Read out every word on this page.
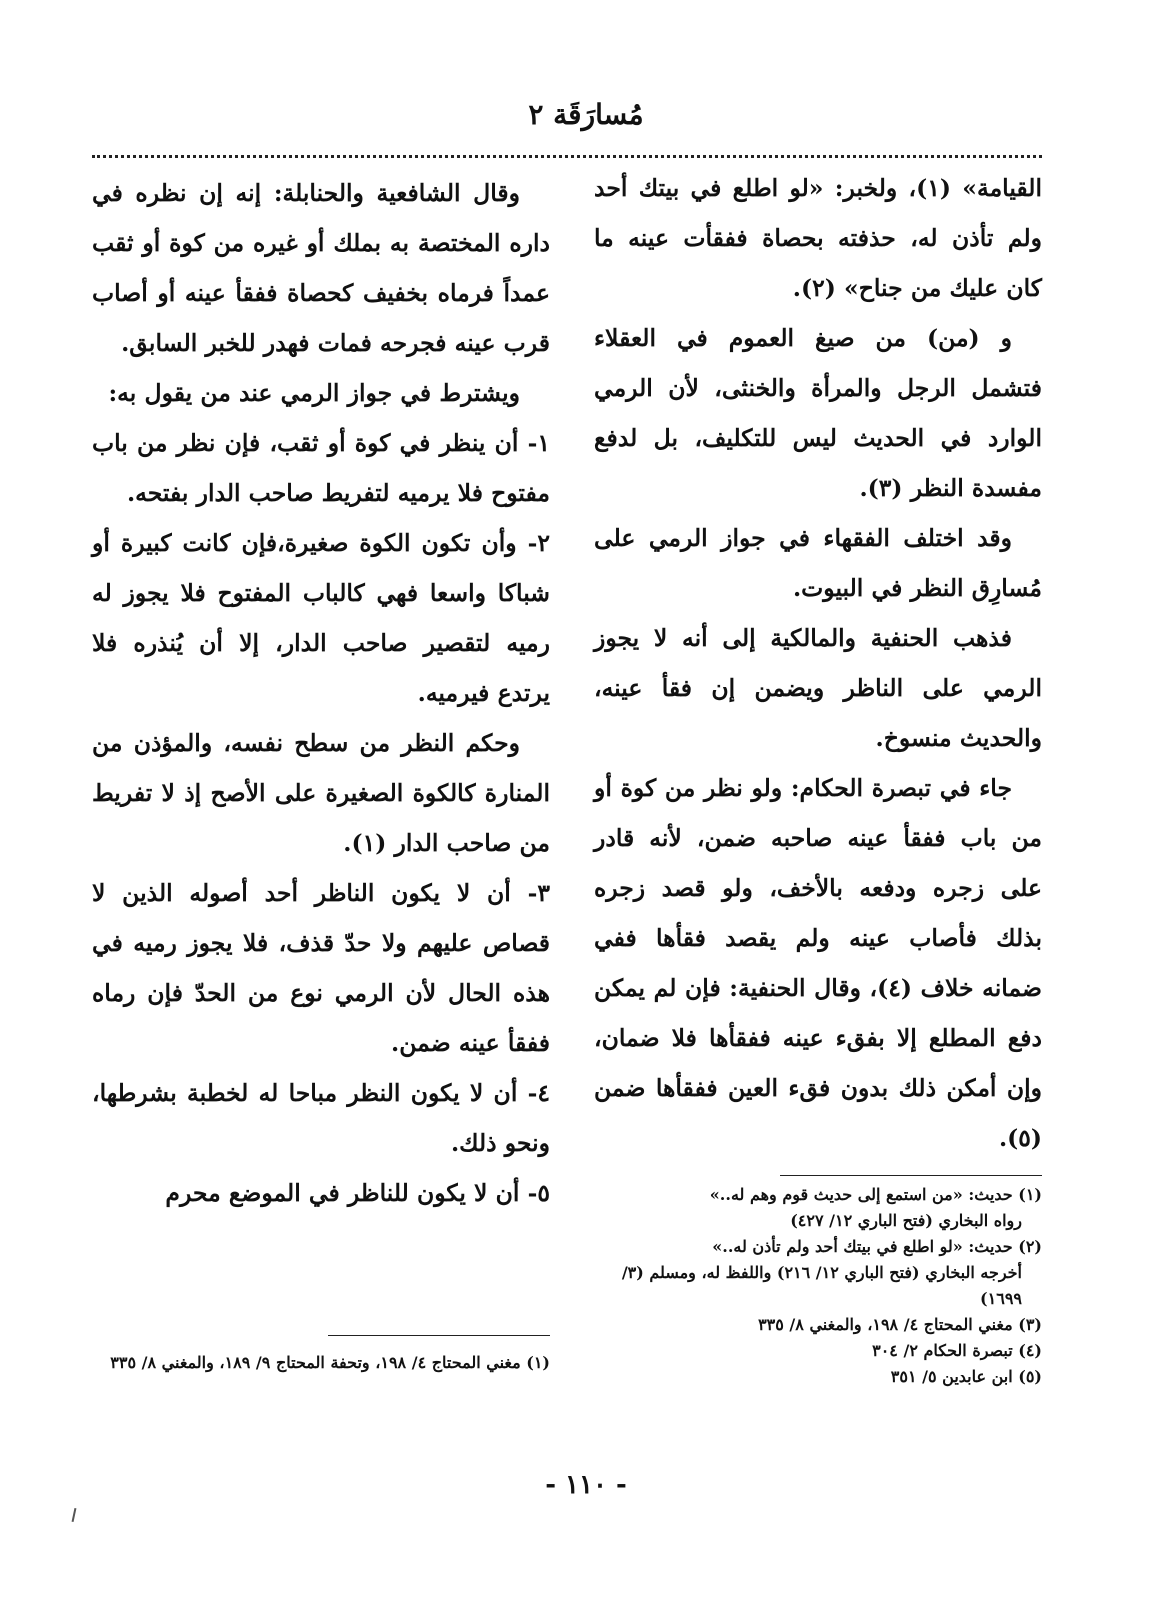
مُسارَقَة ٢

القيامة» (١)، ولخبر: «لو اطلع في بيتك أحد ولم تأذن له، حذفته بحصاة ففقأت عينه ما كان عليك من جناح» (٢).

و (من) من صيغ العموم في العقلاء فتشمل الرجل والمرأة والخنثى، لأن الرمي الوارد في الحديث ليس للتكليف، بل لدفع مفسدة النظر (٣).

وقد اختلف الفقهاء في جواز الرمي على مُسارِق النظر في البيوت.

فذهب الحنفية والمالكية إلى أنه لا يجوز الرمي على الناظر ويضمن إن فقأ عينه، والحديث منسوخ.

جاء في تبصرة الحكام: ولو نظر من كوة أو من باب ففقأ عينه صاحبه ضمن، لأنه قادر على زجره ودفعه بالأخف، ولو قصد زجره بذلك فأصاب عينه ولم يقصد فقأها ففي ضمانه خلاف (٤)، وقال الحنفية: فإن لم يمكن دفع المطلع إلا بفقء عينه ففقأها فلا ضمان، وإن أمكن ذلك بدون فقء العين ففقأها ضمن (٥).

وقال الشافعية والحنابلة: إنه إن نظره في داره المختصة به بملك أو غيره من كوة أو ثقب عمداً فرماه بخفيف كحصاة ففقأ عينه أو أصاب قرب عينه فجرحه فمات فهدر للخبر السابق.

ويشترط في جواز الرمي عند من يقول به:

١- أن ينظر في كوة أو ثقب، فإن نظر من باب مفتوح فلا يرميه لتفريط صاحب الدار بفتحه.

٢- وأن تكون الكوة صغيرة،فإن كانت كبيرة أو شباكا واسعا فهي كالباب المفتوح فلا يجوز له رميه لتقصير صاحب الدار، إلا أن يُنذره فلا يرتدع فيرميه.

وحكم النظر من سطح نفسه، والمؤذن من المنارة كالكوة الصغيرة على الأصح إذ لا تفريط من صاحب الدار (١).

٣- أن لا يكون الناظر أحد أصوله الذين لا قصاص عليهم ولا حدّ قذف، فلا يجوز رميه في هذه الحال لأن الرمي نوع من الحدّ فإن رماه ففقأ عينه ضمن.

٤- أن لا يكون النظر مباحا له لخطبة بشرطها، ونحو ذلك.

٥- أن لا يكون للناظر في الموضع محرم	(١) حديث: «من استمع إلى حديث قوم وهم له..»
رواه البخاري (فتح الباري ١٢/ ٤٢٧)
(٢) حديث: «لو اطلع في بيتك أحد ولم تأذن له..»
أخرجه البخاري (فتح الباري ١٢/ ٢١٦) واللفظ له، ومسلم (٣/ ١٦٩٩)
(٣) مغني المحتاج ٤/ ١٩٨، والمغني ٨/ ٣٣٥
(٤) تبصرة الحكام ٢/ ٣٠٤
(٥) ابن عابدين ٥/ ٣٥١
(١) مغني المحتاج ٤/ ١٩٨، وتحفة المحتاج ٩/ ١٨٩، والمغني ٨/ ٣٣٥
- ١١٠ -
